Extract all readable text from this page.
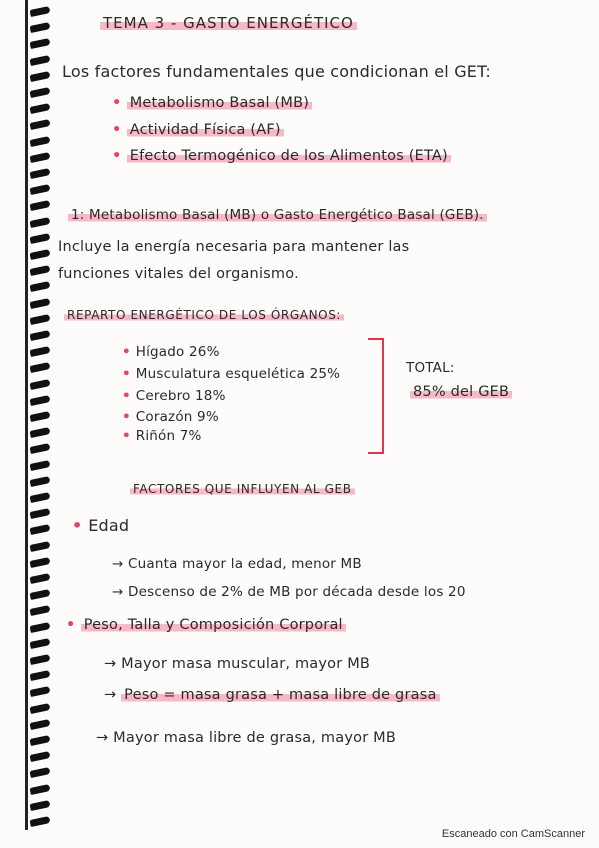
TEMA 3 - GASTO ENERGÉTICO
Los factores fundamentales que condicionan el GET:
• Metabolismo Basal (MB)
• Actividad Física (AF)
• Efecto Termogénico de los Alimentos (ETA)
1: Metabolismo Basal (MB) o Gasto Energético Basal (GEB).
Incluye la energía necesaria para mantener las
funciones vitales del organismo.
REPARTO ENERGÉTICO DE LOS ÓRGANOS:
• Hígado 26%
• Musculatura esquelética 25%
• Cerebro 18%
• Corazón 9%
• Riñón 7%
TOTAL:
85% del GEB
FACTORES QUE INFLUYEN AL GEB
• Edad
→ Cuanta mayor la edad, menor MB
→ Descenso de 2% de MB por década desde los 20
• Peso, Talla y Composición Corporal
→ Mayor masa muscular, mayor MB
→ Peso = masa grasa + masa libre de grasa
→ Mayor masa libre de grasa, mayor MB
Escaneado con CamScanner
